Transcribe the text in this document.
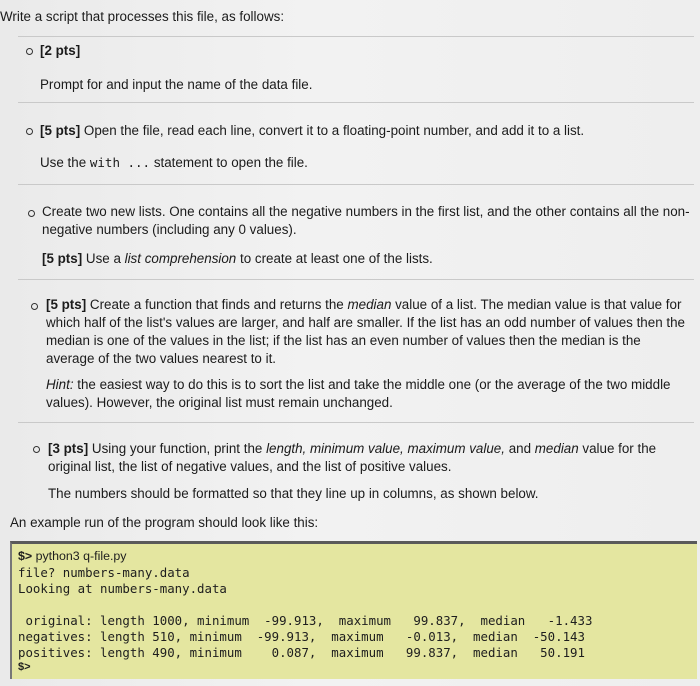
Write a script that processes this file, as follows:
[2 pts]
Prompt for and input the name of the data file.
[5 pts] Open the file, read each line, convert it to a floating-point number, and add it to a list.
Use the with ... statement to open the file.
Create two new lists. One contains all the negative numbers in the first list, and the other contains all the non-negative numbers (including any 0 values).
[5 pts] Use a list comprehension to create at least one of the lists.
[5 pts] Create a function that finds and returns the median value of a list. The median value is that value for which half of the list's values are larger, and half are smaller. If the list has an odd number of values then the median is one of the values in the list; if the list has an even number of values then the median is the average of the two values nearest to it.
Hint: the easiest way to do this is to sort the list and take the middle one (or the average of the two middle values). However, the original list must remain unchanged.
[3 pts] Using your function, print the length, minimum value, maximum value, and median value for the original list, the list of negative values, and the list of positive values.
The numbers should be formatted so that they line up in columns, as shown below.
An example run of the program should look like this:
$> python3 q-file.py
file? numbers-many.data
Looking at numbers-many.data
original: length 1000, minimum  -99.913,  maximum   99.837,  median   -1.433
negatives: length 510, minimum  -99.913,  maximum   -0.013,  median  -50.143
positives: length 490, minimum    0.087,  maximum   99.837,  median   50.191
$>
